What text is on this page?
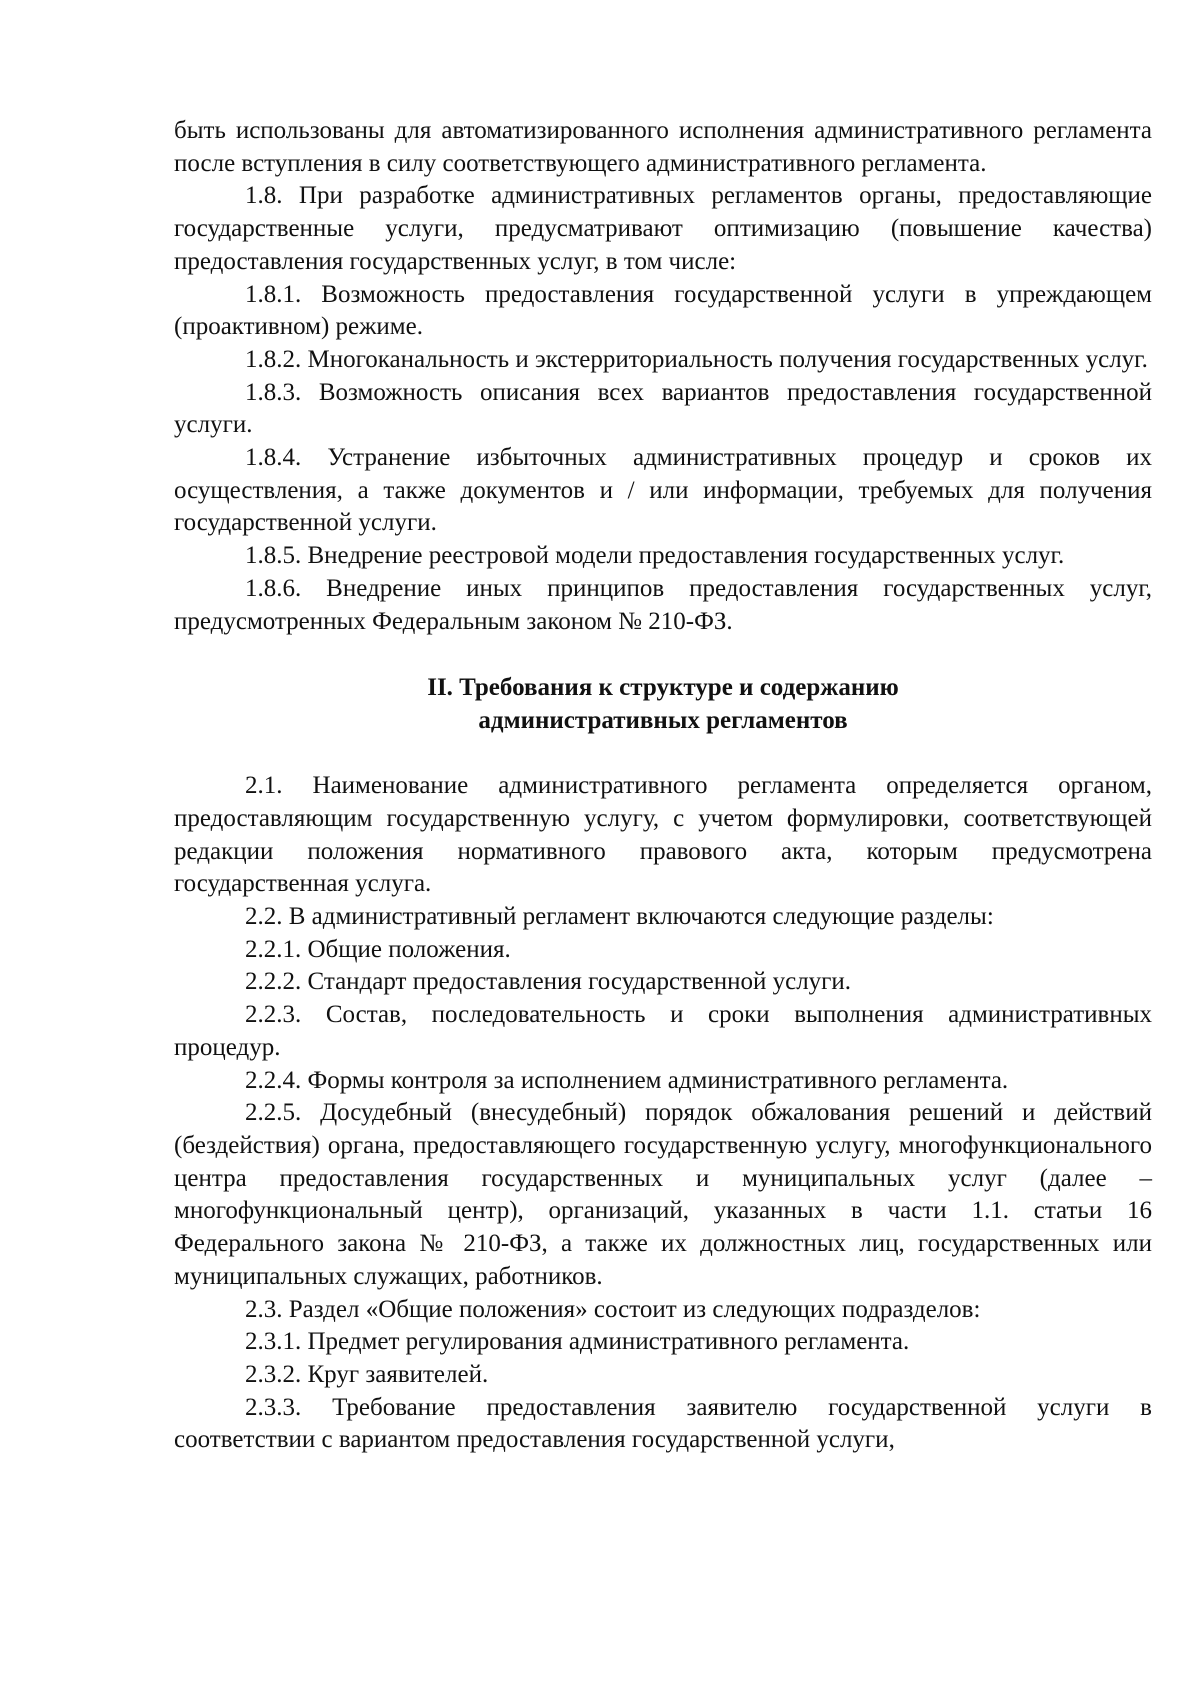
быть использованы для автоматизированного исполнения административного регламента после вступления в силу соответствующего административного регламента.

1.8. При разработке административных регламентов органы, предоставляющие государственные услуги, предусматривают оптимизацию (повышение качества) предоставления государственных услуг, в том числе:

1.8.1. Возможность предоставления государственной услуги в упреждающем (проактивном) режиме.

1.8.2. Многоканальность и экстерриториальность получения государственных услуг.

1.8.3. Возможность описания всех вариантов предоставления государственной услуги.

1.8.4. Устранение избыточных административных процедур и сроков их осуществления, а также документов и / или информации, требуемых для получения государственной услуги.

1.8.5. Внедрение реестровой модели предоставления государственных услуг.

1.8.6. Внедрение иных принципов предоставления государственных услуг, предусмотренных Федеральным законом № 210-ФЗ.

II. Требования к структуре и содержанию

административных регламентов

2.1. Наименование административного регламента определяется органом, предоставляющим государственную услугу, с учетом формулировки, соответствующей редакции положения нормативного правового акта, которым предусмотрена государственная услуга.

2.2. В административный регламент включаются следующие разделы:

2.2.1. Общие положения.

2.2.2. Стандарт предоставления государственной услуги.

2.2.3. Состав, последовательность и сроки выполнения административных процедур.

2.2.4. Формы контроля за исполнением административного регламента.

2.2.5. Досудебный (внесудебный) порядок обжалования решений и действий (бездействия) органа, предоставляющего государственную услугу, многофункционального центра предоставления государственных и муниципальных услуг (далее – многофункциональный центр), организаций, указанных в части 1.1. статьи 16 Федерального закона № 210-ФЗ, а также их должностных лиц, государственных или муниципальных служащих, работников.

2.3. Раздел «Общие положения» состоит из следующих подразделов:

2.3.1. Предмет регулирования административного регламента.

2.3.2. Круг заявителей.

2.3.3. Требование предоставления заявителю государственной услуги в соответствии с вариантом предоставления государственной услуги,
